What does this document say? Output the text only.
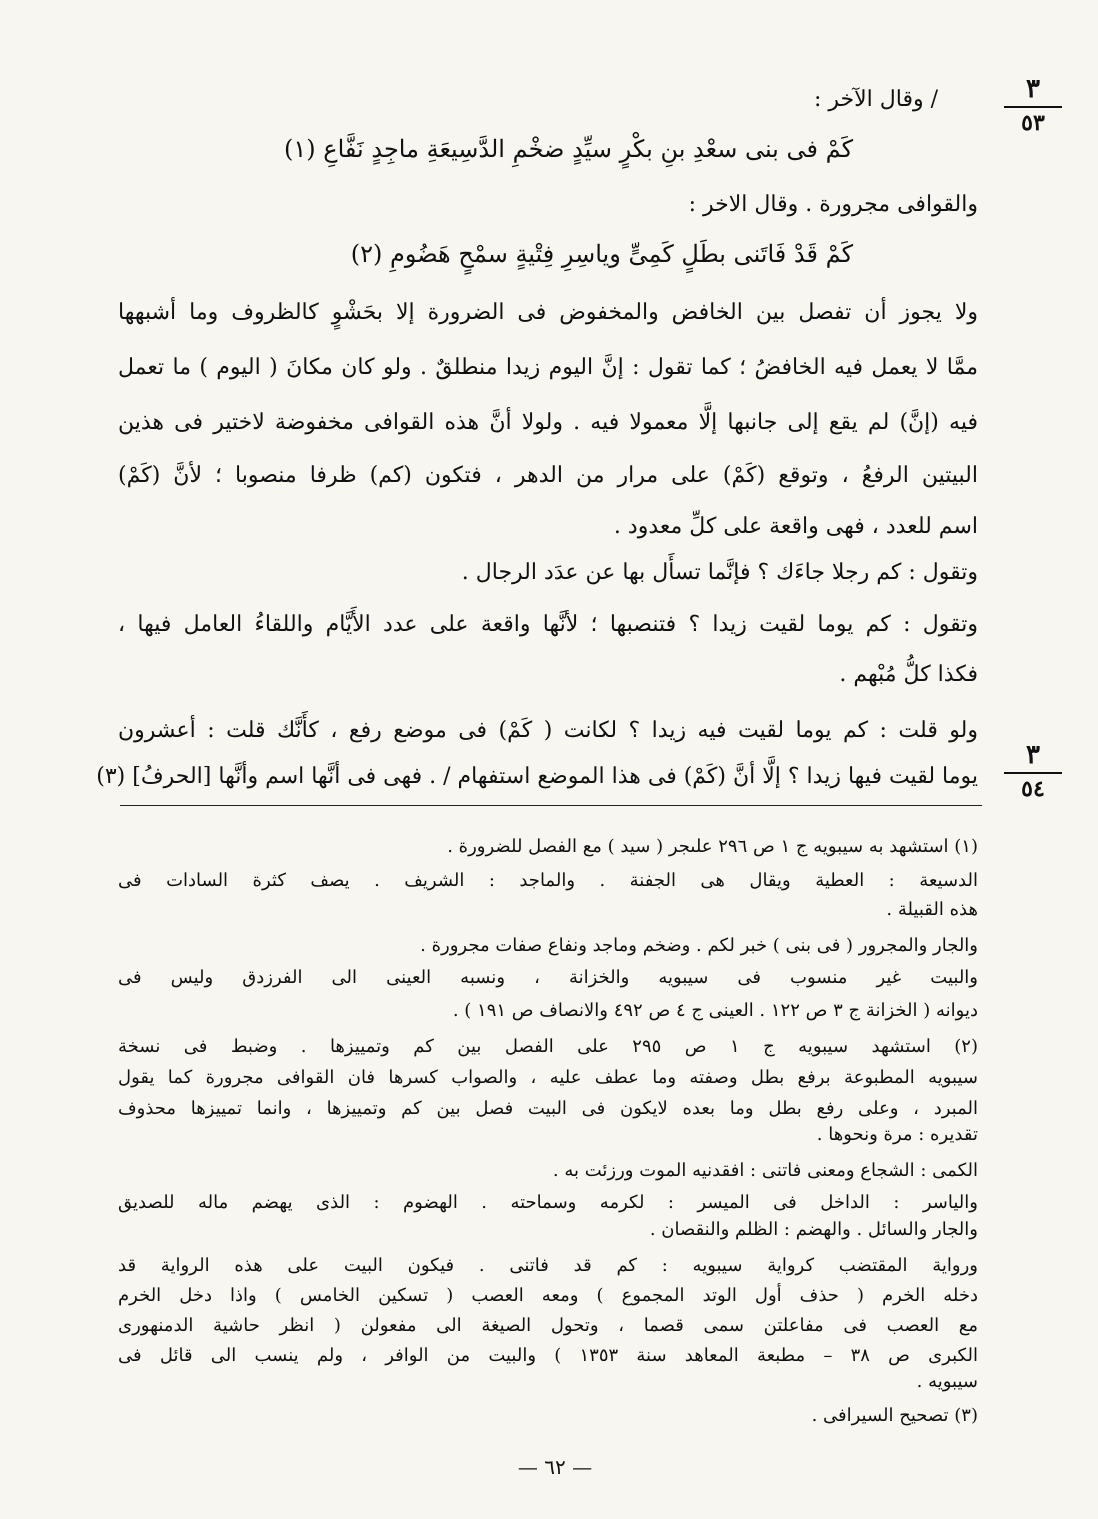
٣
٥٣
٣
٥٤
/ وقال الآخر :
كَمْ فى بنى سعْدِ بنِ بكْرٍ سيِّدٍ ضخْمِ الدَّسِيعَةِ ماجِدٍ نَفَّاعِ (١)
والقوافى مجرورة . وقال الاخر :
كَمْ قَدْ فَاتَنى بطَلٍ كَمِىٍّ وياسِرِ فِتْيةٍ سمْحٍ هَضُومِ (٢)
ولا يجوز أن تفصل بين الخافض والمخفوض فى الضرورة إلا بحَشْوٍ كالظروف وما أشبهها
ممَّا لا يعمل فيه الخافضُ ؛ كما تقول : إنَّ اليوم زيدا منطلقٌ . ولو كان مكانَ ( اليوم ) ما تعمل
فيه (إنَّ) لم يقع إلى جانبها إلَّا معمولا فيه . ولولا أنَّ هذه القوافى مخفوضة لاختير فى هذين
البيتين الرفعُ ، وتوقع (كَمْ) على مرار من الدهر ، فتكون (كم) ظرفا منصوبا ؛ لأنَّ (كَمْ)
اسم للعدد ، فهى واقعة على كلِّ معدود .
وتقول : كم رجلا جاءَك ؟ فإنَّما تسأَل بها عن عدَد الرجال .
وتقول : كم يوما لقيت زيدا ؟ فتنصبها ؛ لأنَّها واقعة على عدد الأَيَّام واللقاءُ العامل فيها ،
فكذا كلُّ مُبْهم .
ولو قلت : كم يوما لقيت فيه زيدا ؟ لكانت ( كَمْ) فى موضع رفع ، كأَنَّك قلت : أعشرون
يوما لقيت فيها زيدا ؟ إلَّا أنَّ (كَمْ) فى هذا الموضع استفهام / . فهى فى أنَّها اسم وأنَّها [الحرفُ] (٣)
(١) استشهد به سيبويه ج ١ ص ٢٩٦ علىجر ( سيد ) مع الفصل للضرورة .
الدسيعة : العطية ويقال هى الجفنة . والماجد : الشريف . يصف كثرة السادات فى
هذه القبيلة .
والجار والمجرور ( فى بنى ) خبر لكم . وضخم وماجد ونفاع صفات مجرورة .
والبيت غير منسوب فى سيبويه والخزانة ، ونسبه العينى الى الفرزدق وليس فى
ديوانه ( الخزانة ج ٣ ص ١٢٢ . العينى ج ٤ ص ٤٩٢ والانصاف ص ١٩١ ) .
(٢) استشهد سيبويه ج ١ ص ٢٩٥ على الفصل بين كم وتمييزها . وضبط فى نسخة
سيبويه المطبوعة برفع بطل وصفته وما عطف عليه ، والصواب كسرها فان القوافى مجرورة كما يقول
المبرد ، وعلى رفع بطل وما بعده لايكون فى البيت فصل بين كم وتمييزها ، وانما تمييزها محذوف
تقديره : مرة ونحوها .
الكمى : الشجاع ومعنى فاتنى : افقدنيه الموت ورزئت به .
والياسر : الداخل فى الميسر : لكرمه وسماحته . الهضوم : الذى يهضم ماله للصديق
والجار والسائل . والهضم : الظلم والنقصان .
ورواية المقتضب كرواية سيبويه : كم قد فاتنى . فيكون البيت على هذه الرواية قد
دخله الخرم ( حذف أول الوتد المجموع ) ومعه العصب ( تسكين الخامس ) واذا دخل الخرم
مع العصب فى مفاعلتن سمى قصما ، وتحول الصيغة الى مفعولن ( انظر حاشية الدمنهورى
الكبرى ص ٣٨ – مطبعة المعاهد سنة ١٣٥٣ ) والبيت من الوافر ، ولم ينسب الى قائل فى
سيبويه .
(٣) تصحيح السيرافى .
— ٦٢ —
